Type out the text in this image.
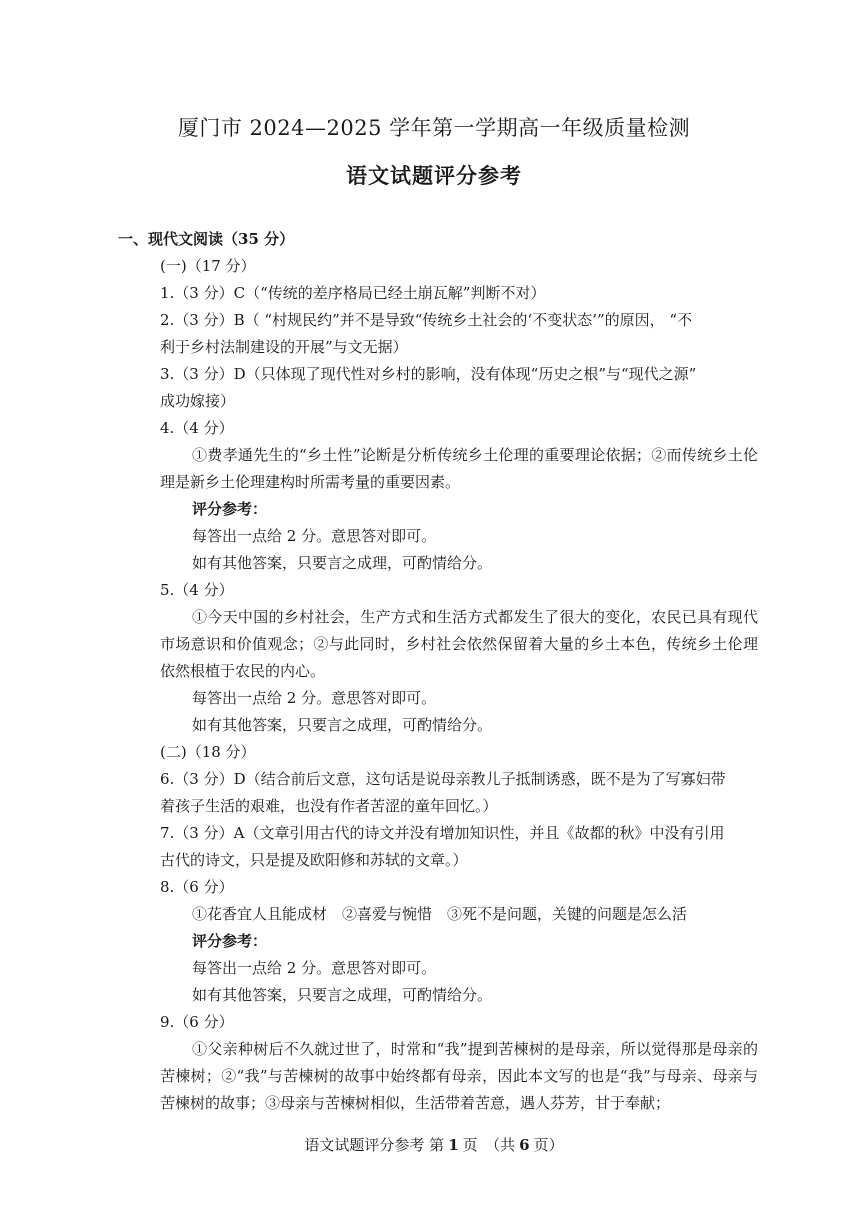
厦门市 2024—2025 学年第一学期高一年级质量检测
语文试题评分参考
一、现代文阅读（35 分）
(一)（17 分）
1.（3 分）C（“传统的差序格局已经土崩瓦解”判断不对）
2.（3 分）B（ “村规民约”并不是导致“传统乡土社会的‘不变状态’”的原因， “不
利于乡村法制建设的开展”与文无据）
3.（3 分）D（只体现了现代性对乡村的影响，没有体现“历史之根”与“现代之源”
成功嫁接）
4.（4 分）
①费孝通先生的“乡土性”论断是分析传统乡土伦理的重要理论依据；②而传统乡土伦理是新乡土伦理建构时所需考量的重要因素。
评分参考：
每答出一点给 2 分。意思答对即可。
如有其他答案，只要言之成理，可酌情给分。
5.（4 分）
①今天中国的乡村社会，生产方式和生活方式都发生了很大的变化，农民已具有现代市场意识和价值观念；②与此同时，乡村社会依然保留着大量的乡土本色，传统乡土伦理依然根植于农民的内心。
每答出一点给 2 分。意思答对即可。
如有其他答案，只要言之成理，可酌情给分。
(二)（18 分）
6.（3 分）D（结合前后文意，这句话是说母亲教儿子抵制诱惑，既不是为了写寡妇带
着孩子生活的艰难，也没有作者苦涩的童年回忆。）
7.（3 分）A（文章引用古代的诗文并没有增加知识性，并且《故都的秋》中没有引用
古代的诗文，只是提及欧阳修和苏轼的文章。）
8.（6 分）
①花香宜人且能成材　②喜爱与惋惜　③死不是问题，关键的问题是怎么活
评分参考：
每答出一点给 2 分。意思答对即可。
如有其他答案，只要言之成理，可酌情给分。
9.（6 分）
①父亲种树后不久就过世了，时常和“我”提到苦楝树的是母亲，所以觉得那是母亲的苦楝树；②“我”与苦楝树的故事中始终都有母亲，因此本文写的也是“我”与母亲、母亲与苦楝树的故事；③母亲与苦楝树相似，生活带着苦意，遇人芬芳，甘于奉献；
语文试题评分参考 第 1 页　（共 6 页）
